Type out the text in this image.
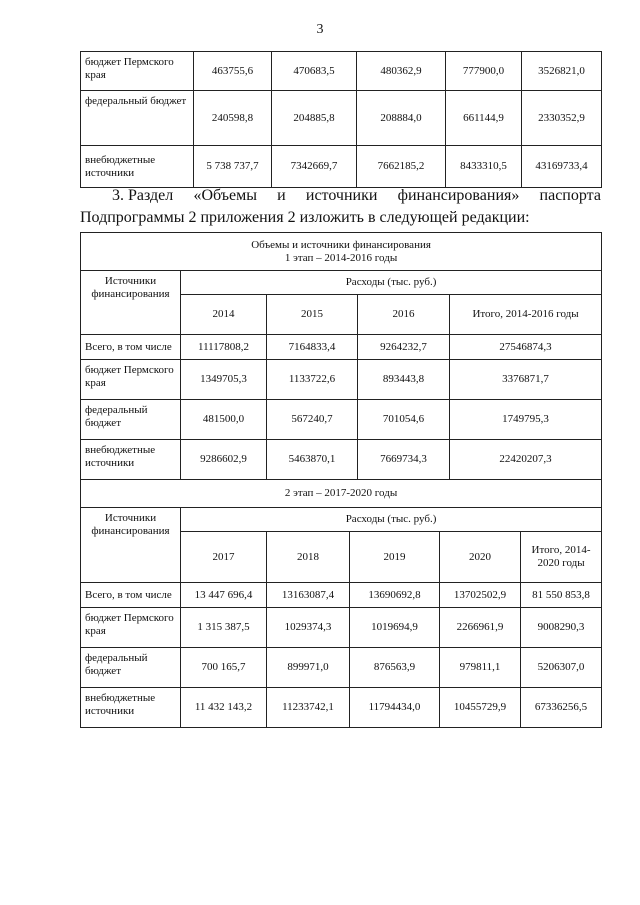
3
бюджет Пермского края	463755,6	470683,5	480362,9	777900,0	3526821,0
федеральный бюджет	240598,8	204885,8	208884,0	661144,9	2330352,9
внебюджетные источники	5 738 737,7	7342669,7	7662185,2	8433310,5	43169733,4
3. Раздел «Объемы и источники финансирования» паспорта
Подпрограммы 2 приложения 2 изложить в следующей редакции:
Объемы и источники финансирования
1 этап – 2014-2016 годы							

Источники финансирования	Расходы (тыс. руб.)						
	2014	2015		2016		Итого, 2014-2016 годы	
Всего, в том числе	11117808,2	7164833,4		9264232,7		27546874,3	
бюджет Пермского края	1349705,3	1133722,6		893443,8		3376871,7	
федеральный бюджет	481500,0	567240,7		701054,6		1749795,3	
внебюджетные источники	9286602,9	5463870,1		7669734,3		22420207,3	
2 этап – 2017-2020 годы							
Источники финансирования	Расходы (тыс. руб.)						
	2017	2018	2019		2020		Итого, 2014-2020 годы
Всего, в том числе	13 447 696,4	13163087,4	13690692,8		13702502,9		81 550 853,8
бюджет Пермского края	1 315 387,5	1029374,3	1019694,9		2266961,9		9008290,3
федеральный бюджет	700 165,7	899971,0	876563,9		979811,1		5206307,0
внебюджетные источники	11 432 143,2	11233742,1	11794434,0		10455729,9		67336256,5
